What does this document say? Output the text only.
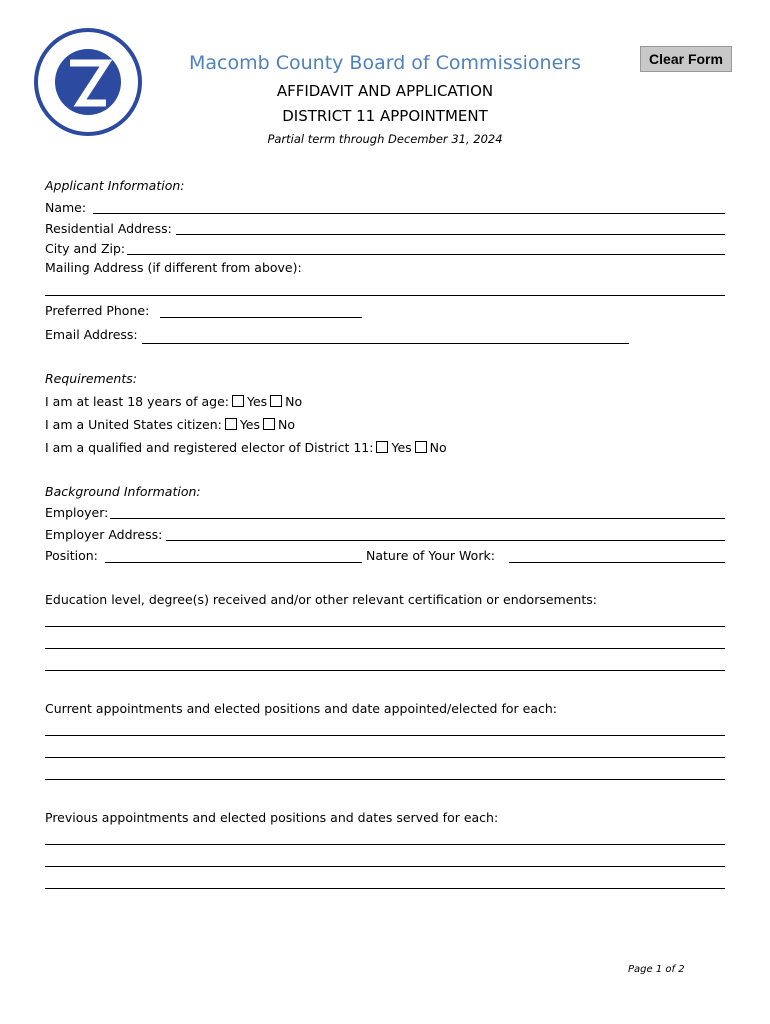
Clear Form
Macomb County Board of Commissioners
AFFIDAVIT AND APPLICATION
DISTRICT 11 APPOINTMENT
Partial term through December 31, 2024
Applicant Information:
Name:
Residential Address:
City and Zip:
Mailing Address (if different from above):
Preferred Phone:
Email Address:
Requirements:
I am at least 18 years of age: Yes No
I am a United States citizen: Yes No
I am a qualified and registered elector of District 11: Yes No
Background Information:
Employer:
Employer Address:
Position:	Nature of Your Work:
Education level, degree(s) received and/or other relevant certification or endorsements:
Current appointments and elected positions and date appointed/elected for each:
Previous appointments and elected positions and dates served for each:
Page 1 of 2
